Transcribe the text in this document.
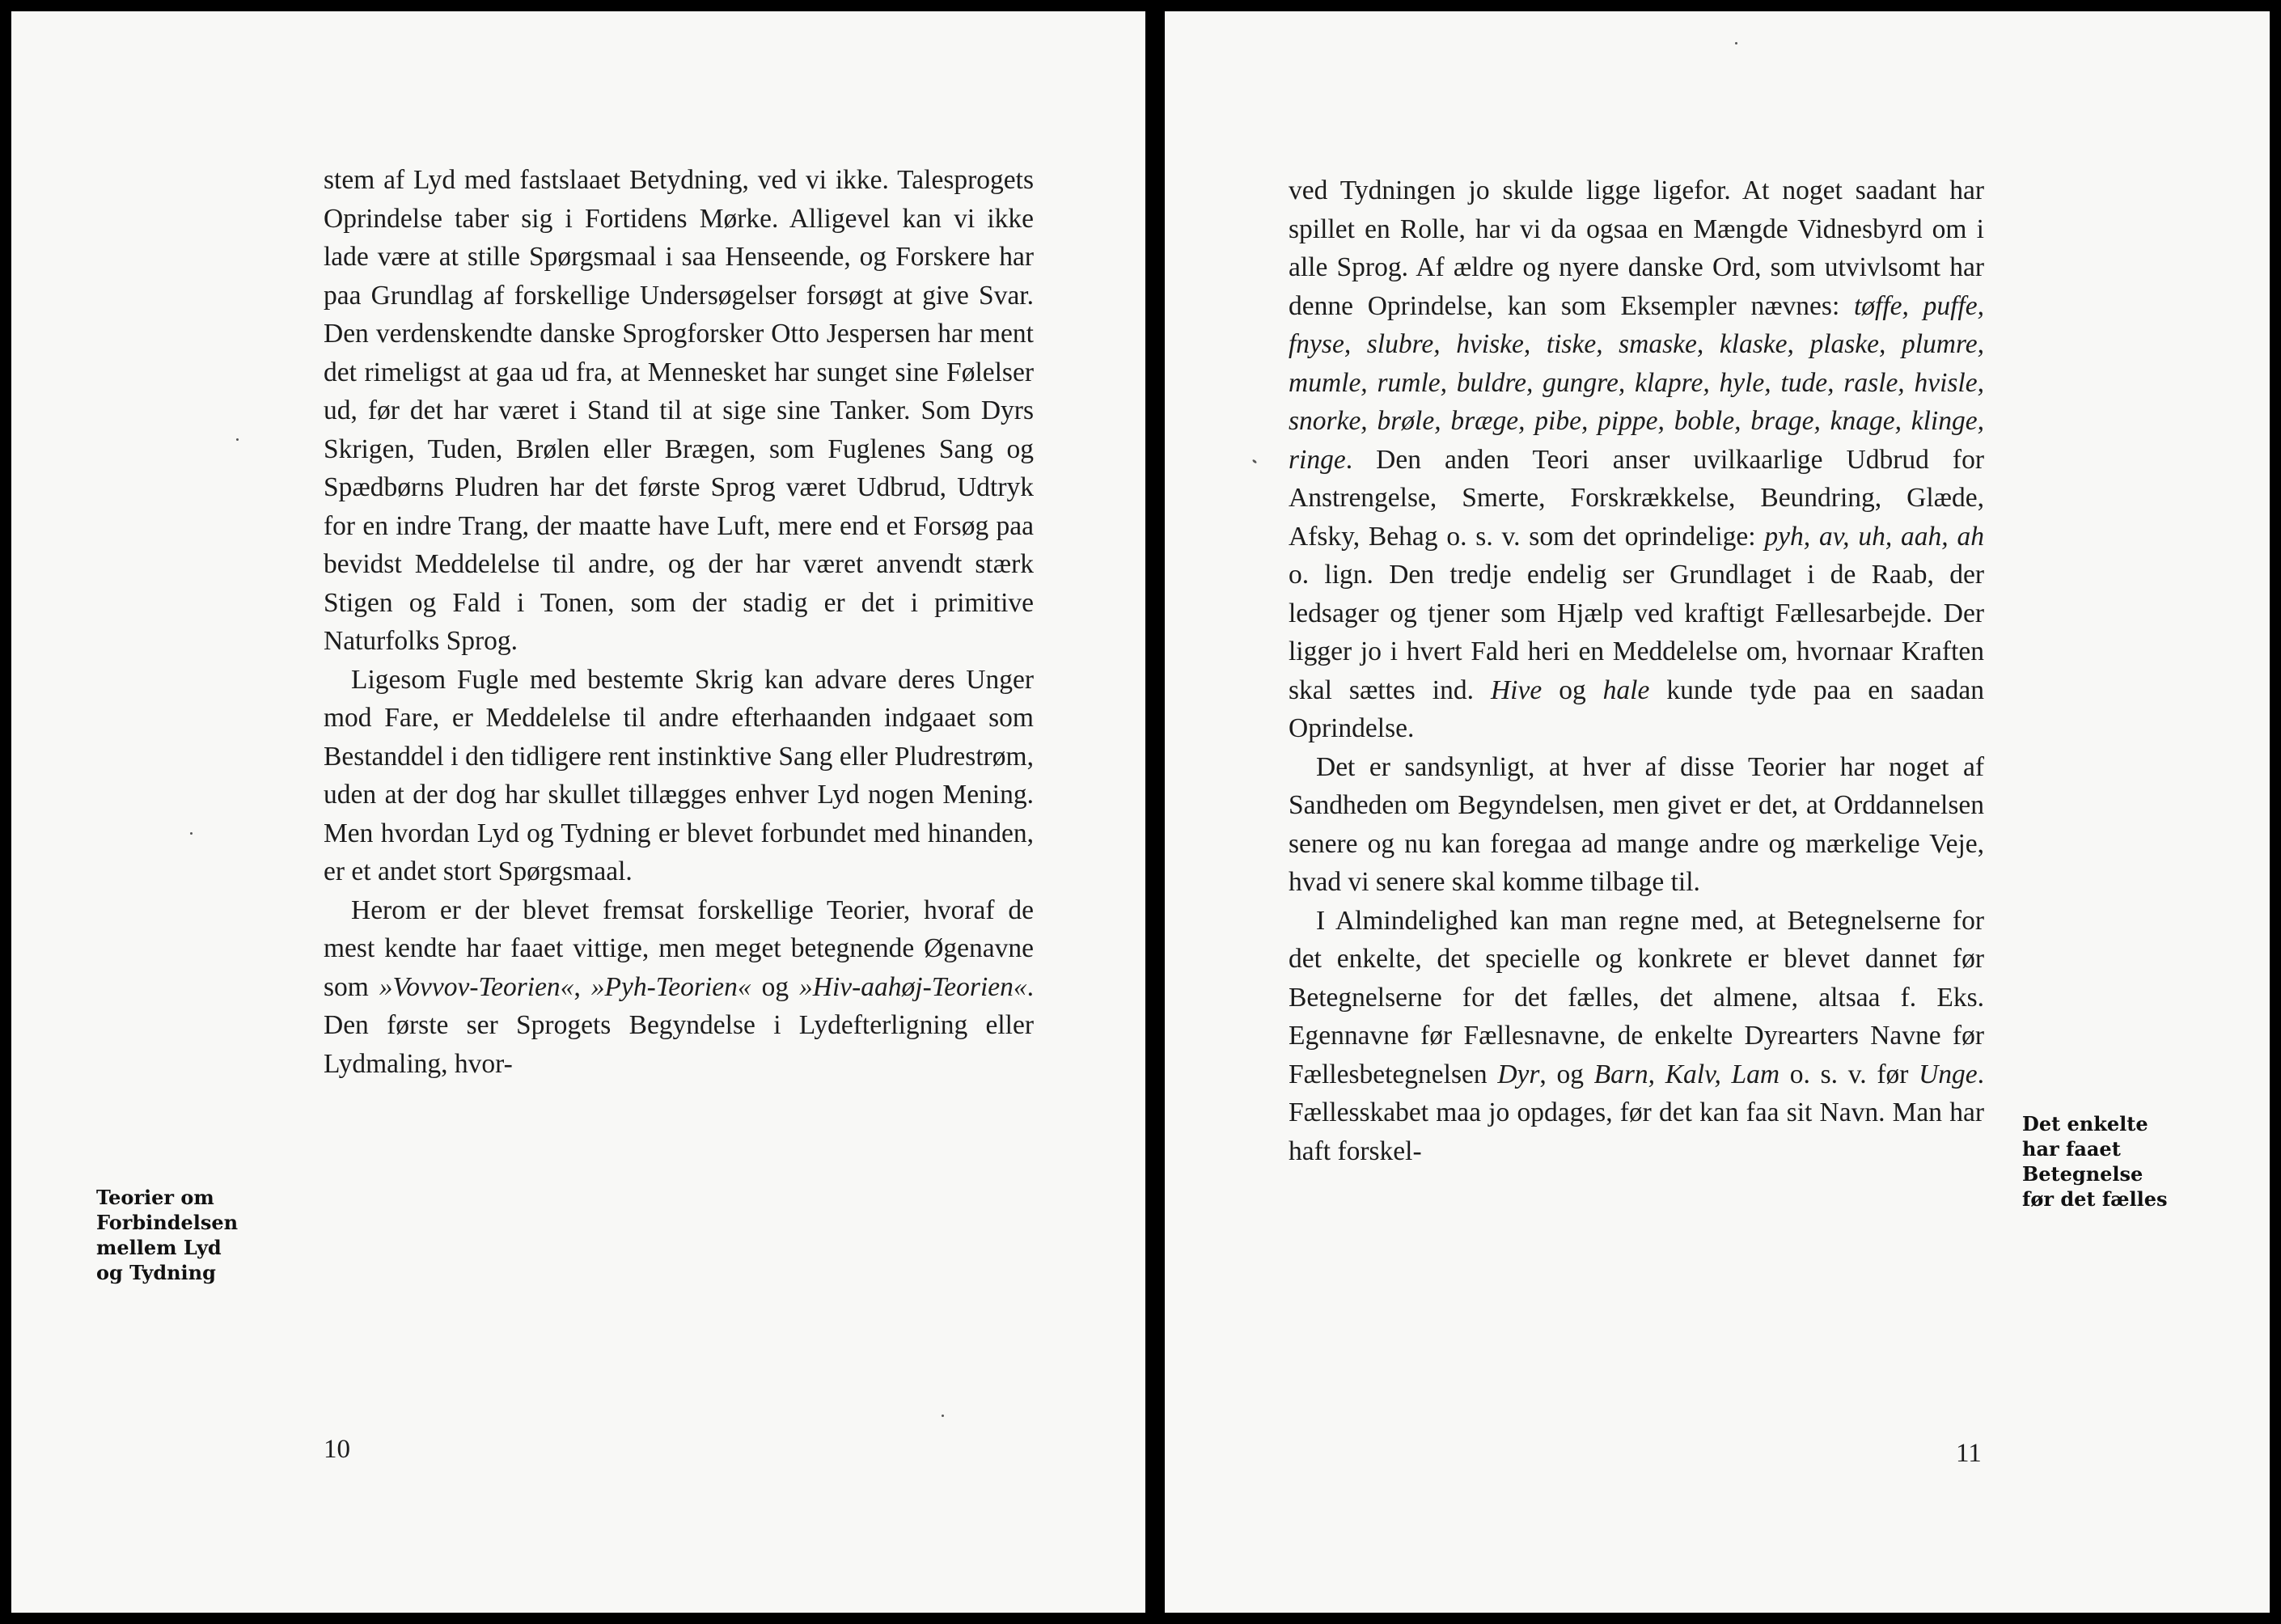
stem af Lyd med fastslaaet Betydning, ved vi ikke. Talesprogets Oprindelse taber sig i Fortidens Mørke. Alligevel kan vi ikke lade være at stille Spørgsmaal i saa Henseende, og Forskere har paa Grundlag af forskellige Undersøgelser forsøgt at give Svar. Den verdenskendte danske Sprogforsker Otto Jespersen har ment det rimeligst at gaa ud fra, at Mennesket har sunget sine Følelser ud, før det har været i Stand til at sige sine Tanker. Som Dyrs Skrigen, Tuden, Brølen eller Brægen, som Fuglenes Sang og Spædbørns Pludren har det første Sprog været Udbrud, Udtryk for en indre Trang, der maatte have Luft, mere end et Forsøg paa bevidst Meddelelse til andre, og der har været anvendt stærk Stigen og Fald i Tonen, som der stadig er det i primitive Naturfolks Sprog.

Ligesom Fugle med bestemte Skrig kan advare deres Unger mod Fare, er Meddelelse til andre efterhaanden indgaaet som Bestanddel i den tidligere rent instinktive Sang eller Pludrestrøm, uden at der dog har skullet tillægges enhver Lyd nogen Mening. Men hvordan Lyd og Tydning er blevet forbundet med hinanden, er et andet stort Spørgsmaal.

Herom er der blevet fremsat forskellige Teorier, hvoraf de mest kendte har faaet vittige, men meget betegnende Øgenavne som »Vovvov-Teorien«, »Pyh-Teorien« og »Hiv-aahøj-Teorien«. Den første ser Sprogets Begyndelse i Lydefterligning eller Lydmaling, hvor-

Teorier om
Forbindelsen
mellem Lyd
og Tydning
10

ved Tydningen jo skulde ligge ligefor. At noget saadant har spillet en Rolle, har vi da ogsaa en Mængde Vidnesbyrd om i alle Sprog. Af ældre og nyere danske Ord, som utvivlsomt har denne Oprindelse, kan som Eksempler nævnes: tøffe, puffe, fnyse, slubre, hviske, tiske, smaske, klaske, plaske, plumre, mumle, rumle, buldre, gungre, klapre, hyle, tude, rasle, hvisle, snorke, brøle, bræge, pibe, pippe, boble, brage, knage, klinge, ringe. Den anden Teori anser uvilkaarlige Udbrud for Anstrengelse, Smerte, Forskrækkelse, Beundring, Glæde, Afsky, Behag o. s. v. som det oprindelige: pyh, av, uh, aah, ah o. lign. Den tredje endelig ser Grundlaget i de Raab, der ledsager og tjener som Hjælp ved kraftigt Fællesarbejde. Der ligger jo i hvert Fald heri en Meddelelse om, hvornaar Kraften skal sættes ind. Hive og hale kunde tyde paa en saadan Oprindelse.

Det er sandsynligt, at hver af disse Teorier har noget af Sandheden om Begyndelsen, men givet er det, at Orddannelsen senere og nu kan foregaa ad mange andre og mærkelige Veje, hvad vi senere skal komme tilbage til.

I Almindelighed kan man regne med, at Betegnelserne for det enkelte, det specielle og konkrete er blevet dannet før Betegnelserne for det fælles, det almene, altsaa f. Eks. Egennavne før Fællesnavne, de enkelte Dyrearters Navne før Fællesbetegnelsen Dyr, og Barn, Kalv, Lam o. s. v. før Unge. Fællesskabet maa jo opdages, før det kan faa sit Navn. Man har haft forskel-

Det enkelte
har faaet
Betegnelse
før det fælles
11
